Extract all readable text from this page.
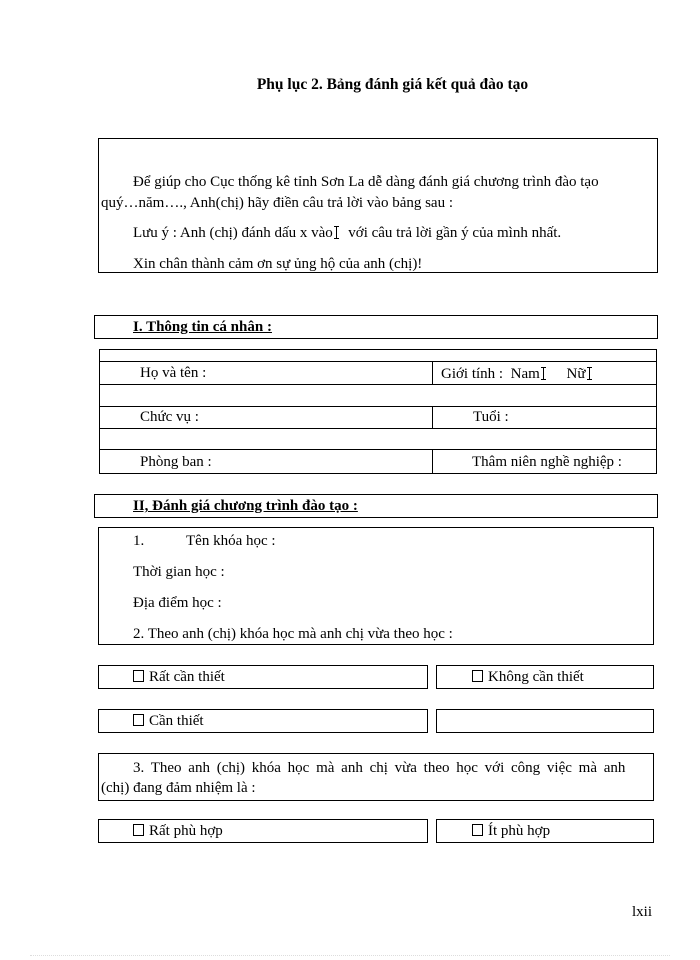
Phụ lục 2. Bảng đánh giá kết quả đào tạo
Để giúp cho Cục thống kê tỉnh Sơn La dễ dàng đánh giá chương trình đào tạo
quý…năm…., Anh(chị) hãy điền câu trả lời vào bảng sau :
Lưu ý : Anh (chị) đánh dấu x vào với câu trả lời gần ý của mình nhất.
Xin chân thành cảm ơn sự ủng hộ của anh (chị)!
I. Thông tin cá nhân :
Họ và tên :	Giới tính : Nam Nữ
Chức vụ :	Tuổi :
Phòng ban :	Thâm niên nghề nghiệp :
II, Đánh giá chương trình đào tạo :
1.	Tên khóa học :
Thời gian học :
Địa điểm học :
2. Theo anh (chị) khóa học mà anh chị vừa theo học :
Rất cần thiết	Không cần thiết
Cần thiết
3. Theo anh (chị) khóa học mà anh chị vừa theo học với công việc mà anh
(chị) đang đảm nhiệm là :
Rất phù hợp	Ít phù hợp
lxii
